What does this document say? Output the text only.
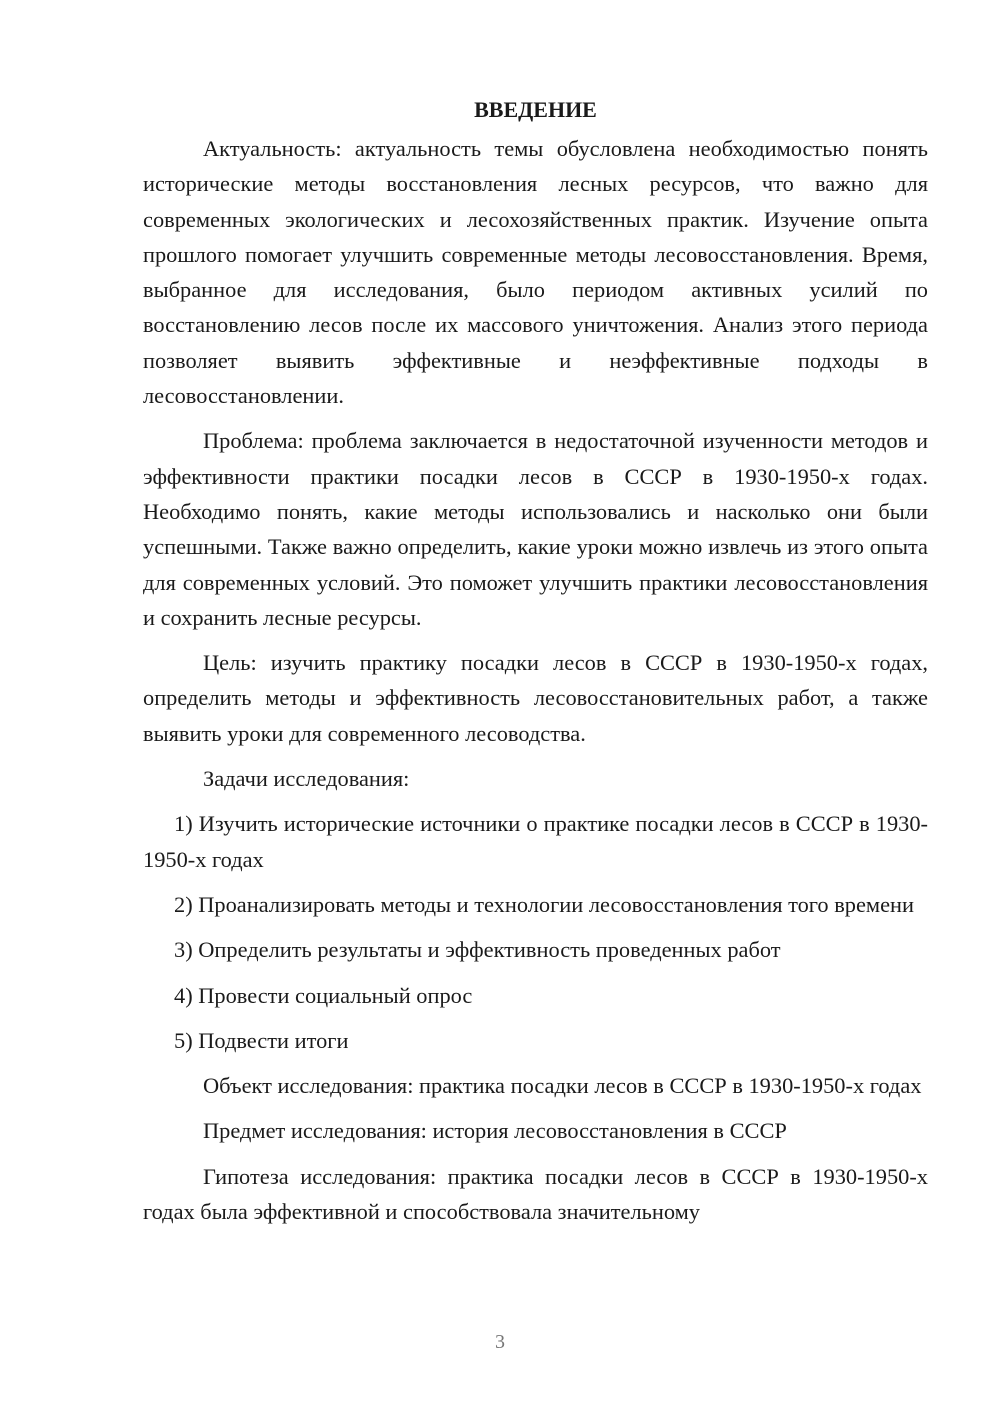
ВВЕДЕНИЕ

Актуальность: актуальность темы обусловлена необходимостью понять исторические методы восстановления лесных ресурсов, что важно для современных экологических и лесохозяйственных практик. Изучение опыта прошлого помогает улучшить современные методы лесовосстановления. Время, выбранное для исследования, было периодом активных усилий по восстановлению лесов после их массового уничтожения. Анализ этого периода позволяет выявить эффективные и неэффективные подходы в лесовосстановлении.

Проблема: проблема заключается в недостаточной изученности методов и эффективности практики посадки лесов в СССР в 1930-1950-х годах. Необходимо понять, какие методы использовались и насколько они были успешными. Также важно определить, какие уроки можно извлечь из этого опыта для современных условий. Это поможет улучшить практики лесовосстановления и сохранить лесные ресурсы.

Цель: изучить практику посадки лесов в СССР в 1930-1950-х годах, определить методы и эффективность лесовосстановительных работ, а также выявить уроки для современного лесоводства.

Задачи исследования:

1) Изучить исторические источники о практике посадки лесов в СССР в 1930-1950-х годах

2) Проанализировать методы и технологии лесовосстановления того времени

3) Определить результаты и эффективность проведенных работ

4) Провести социальный опрос

5) Подвести итоги

Объект исследования: практика посадки лесов в СССР в 1930-1950-х годах

Предмет исследования: история лесовосстановления в СССР

Гипотеза исследования: практика посадки лесов в СССР в 1930-1950-х годах была эффективной и способствовала значительному

3
